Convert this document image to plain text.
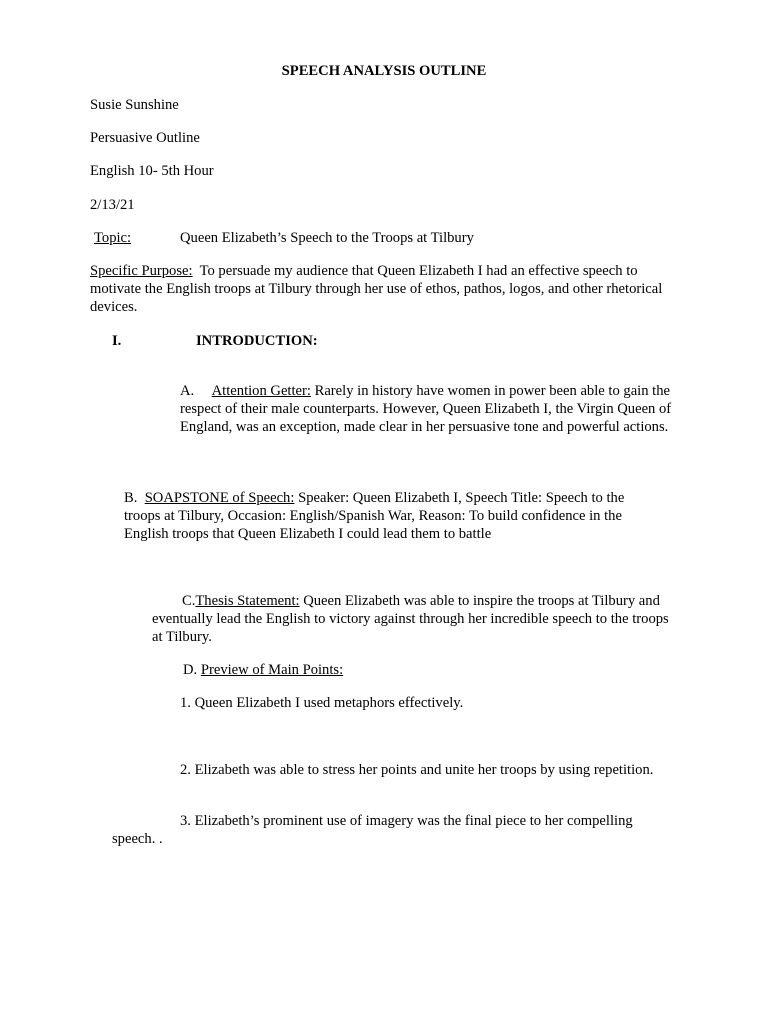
SPEECH ANALYSIS OUTLINE

Susie Sunshine

Persuasive Outline

English 10- 5th Hour

2/13/21

Topic:	Queen Elizabeth’s Speech to the Troops at Tilbury

Specific Purpose: To persuade my audience that Queen Elizabeth I had an effective speech to motivate the English troops at Tilbury through her use of ethos, pathos, logos, and other rhetorical devices.

I.	INTRODUCTION:

A. Attention Getter: Rarely in history have women in power been able to gain the respect of their male counterparts. However, Queen Elizabeth I, the Virgin Queen of England, was an exception, made clear in her persuasive tone and powerful actions.

B. SOAPSTONE of Speech: Speaker: Queen Elizabeth I, Speech Title: Speech to the troops at Tilbury, Occasion: English/Spanish War, Reason: To build confidence in the English troops that Queen Elizabeth I could lead them to battle

C.Thesis Statement: Queen Elizabeth was able to inspire the troops at Tilbury and eventually lead the English to victory against through her incredible speech to the troops at Tilbury.

D. Preview of Main Points:

1. Queen Elizabeth I used metaphors effectively.

2. Elizabeth was able to stress her points and unite her troops by using repetition.

3. Elizabeth’s prominent use of imagery was the final piece to her compelling speech. .
